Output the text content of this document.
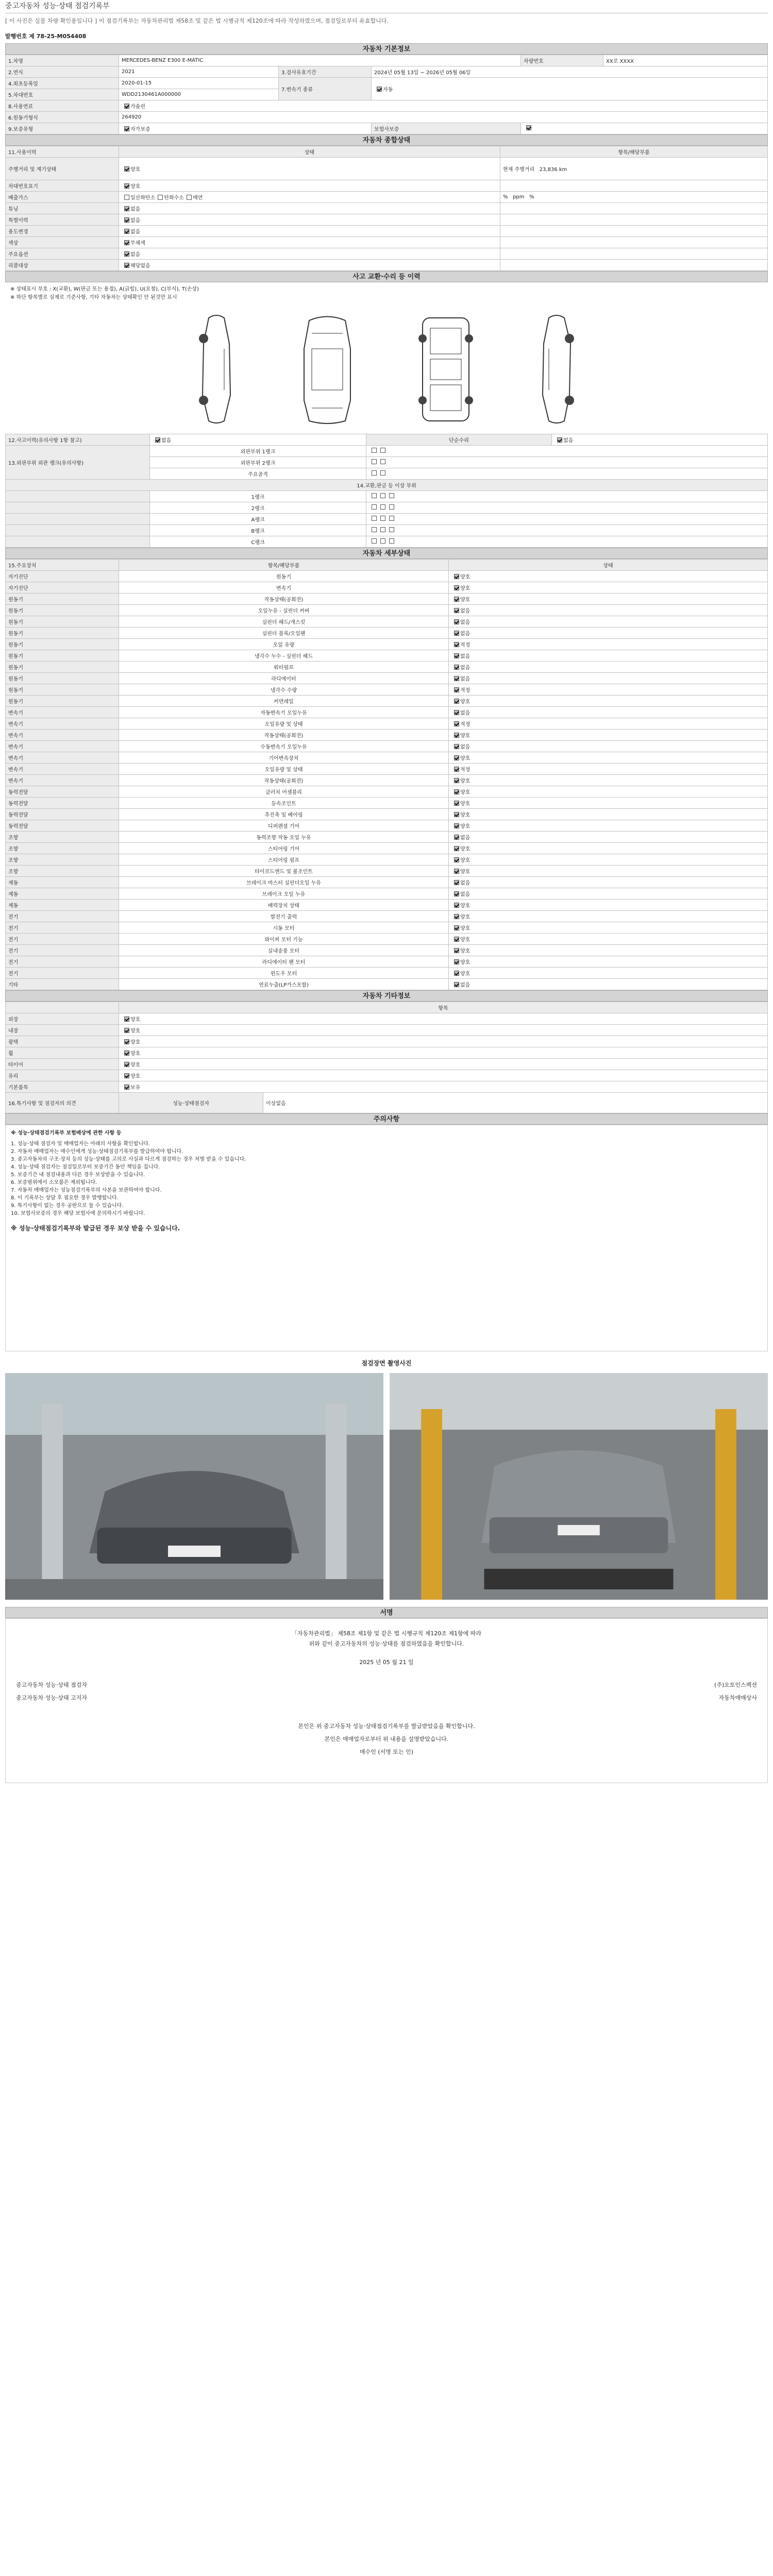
중고자동차 성능·상태 점검기록부
[ 이 사진은 실물 차량 확인용입니다 ] 이 점검기록부는 자동차관리법 제58조 및 같은 법 시행규칙 제120조에 따라 작성하였으며, 점검일로부터 유효합니다.
발행번호 제 78-25-M054408
자동차 기본정보
1.차명	MERCEDES-BENZ E300 E-MATIC			차량번호	XX로 XXXX
2.연식	2021	3.검사유효기간	2024년 05월 13일 ~ 2026년 05월 06일		
4.최초등록일	2020-01-15	7.변속기 종류	자동		
5.차대번호	WDD2130461A000000				
8.사용연료	가솔린				
6.원동기형식	264920				
9.보증유형	자가보증		보험사보증		
자동차 종합상태
11.사용이력	상태	항목/해당부품
주행거리 및 계기상태	양호	현재 주행거리 23,836 km
차대번호표기	양호	
배출가스	일산화탄소 탄화수소 매연	% ppm %
튜닝	없음	
특별이력	없음	
용도변경	없음	
색상	무채색	
주요옵션	없음	
리콜대상	해당없음	
사고 교환·수리 등 이력
※ 상태표시 부호 : X(교환), W(판금 또는 용접), A(긁힘), U(요철), C(부식), T(손상)
※ 하단 항목별로 실제로 기준사항, 기타 자동차는 상태확인 안 된것만 표시
12.사고이력(유의사항 1항 참고)	없음	단순수리	없음
13.외판부위 외관 랭크(유의사항)	외판부위 1랭크		
	외판부위 2랭크		
	주요골격		
14.교환,판금 등 이상 부위			
	1랭크		
	2랭크		
	A랭크		
	B랭크		
	C랭크		
자동차 세부상태
15.주요장치	항목/해당부품	상태
자기진단	원동기	양호
자기진단	변속기	양호
원동기	작동상태(공회전)	양호
원동기	오일누유 - 실린더 커버	없음
원동기	실린더 헤드/개스킷	없음
원동기	실린더 블록/오일팬	없음
원동기	오일 유량	적정
원동기	냉각수 누수 - 실린더 헤드	없음
원동기	워터펌프	없음
원동기	라디에이터	없음
원동기	냉각수 수량	적정
원동기	커먼레일	양호
변속기	자동변속기 오일누유	없음
변속기	오일유량 및 상태	적정
변속기	작동상태(공회전)	양호
변속기	수동변속기 오일누유	없음
변속기	기어변속장치	양호
변속기	오일유량 및 상태	적정
변속기	작동상태(공회전)	양호
동력전달	클러치 어셈블리	양호
동력전달	등속조인트	양호
동력전달	추진축 및 베어링	양호
동력전달	디퍼렌셜 기어	양호
조향	동력조향 작동 오일 누유	없음
조향	스티어링 기어	양호
조향	스티어링 펌프	양호
조향	타이로드엔드 및 볼조인트	양호
제동	브레이크 마스터 실린더오일 누유	없음
제동	브레이크 오일 누유	없음
제동	배력장치 상태	양호
전기	발전기 출력	양호
전기	시동 모터	양호
전기	와이퍼 모터 기능	양호
전기	실내송풍 모터	양호
전기	라디에이터 팬 모터	양호
전기	윈도우 모터	양호
기타	연료누출(LP가스포함)	없음
자동차 기타정보
	항목	
외장	양호	
내장	양호	
광택	양호	
휠	양호	
타이어	양호	
유리	양호	
기본품목	보유	
16.특기사항 및 점검자의 의견	성능·상태점검자	이상없음
주의사항
※ 성능·상태점검기록부 보험배상에 관한 사항 등
1. 성능·상태 점검자 및 매매업자는 아래의 사항을 확인합니다.
2. 자동차 매매업자는 매수인에게 성능·상태점검기록부를 발급하여야 합니다.
3. 중고자동차의 구조·장치 등의 성능·상태를 고의로 사실과 다르게 점검하는 경우 처벌 받을 수 있습니다.
4. 성능·상태 점검자는 점검일로부터 보증기간 동안 책임을 집니다.
5. 보증기간 내 점검내용과 다른 경우 보상받을 수 있습니다.
6. 보증범위에서 소모품은 제외됩니다.
7. 자동차 매매업자는 성능점검기록부의 사본을 보관하여야 합니다.
8. 이 기록부는 상담 후 필요한 경우 발행합니다.
9. 특기사항이 없는 경우 공란으로 둘 수 있습니다.
10. 보험사보증의 경우 해당 보험사에 문의하시기 바랍니다.
※ 성능·상태점검기록부와 발급된 경우 보상 받을 수 있습니다.
점검장면 촬영사진
서명
「자동차관리법」 제58조 제1항 및 같은 법 시행규칙 제120조 제1항에 따라
위와 같이 중고자동차의 성능·상태를 점검하였음을 확인합니다.
2025 년 05 월 21 일
중고자동차 성능·상태 점검자
중고자동차 성능·상태 고지자
(주)오토인스펙션
자동차매매상사
본인은 위 중고자동차 성능·상태점검기록부를 발급받았음을 확인합니다.
본인은 매매업자로부터 위 내용을 설명받았습니다.
매수인 (서명 또는 인)
